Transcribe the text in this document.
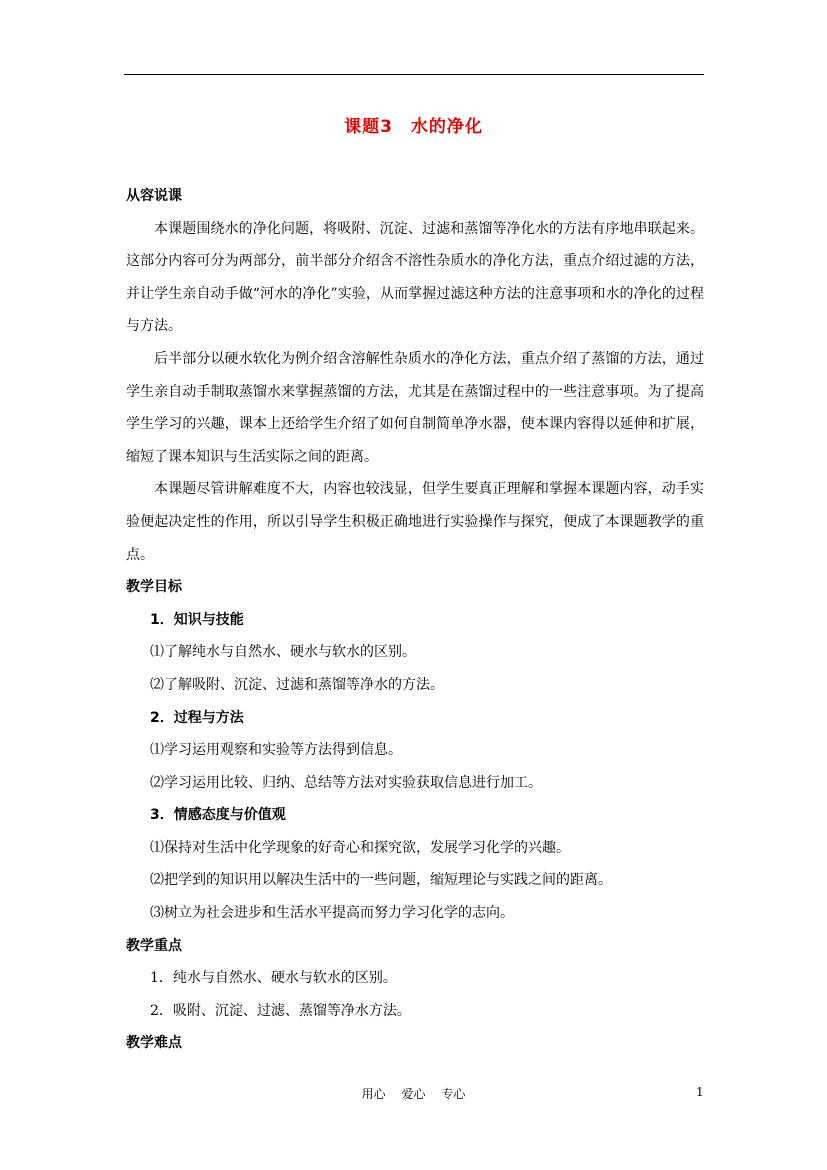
课题3　水的净化
从容说课
本课题围绕水的净化问题，将吸附、沉淀、过滤和蒸馏等净化水的方法有序地串联起来。这部分内容可分为两部分，前半部分介绍含不溶性杂质水的净化方法，重点介绍过滤的方法，并让学生亲自动手做“河水的净化”实验，从而掌握过滤这种方法的注意事项和水的净化的过程与方法。
后半部分以硬水软化为例介绍含溶解性杂质水的净化方法，重点介绍了蒸馏的方法，通过学生亲自动手制取蒸馏水来掌握蒸馏的方法，尤其是在蒸馏过程中的一些注意事项。为了提高学生学习的兴趣，课本上还给学生介绍了如何自制简单净水器，使本课内容得以延伸和扩展，缩短了课本知识与生活实际之间的距离。
本课题尽管讲解难度不大，内容也较浅显，但学生要真正理解和掌握本课题内容，动手实验便起决定性的作用，所以引导学生积极正确地进行实验操作与探究，便成了本课题教学的重点。
教学目标
1．知识与技能
⑴了解纯水与自然水、硬水与软水的区别。
⑵了解吸附、沉淀、过滤和蒸馏等净水的方法。
2．过程与方法
⑴学习运用观察和实验等方法得到信息。
⑵学习运用比较、归纳、总结等方法对实验获取信息进行加工。
3．情感态度与价值观
⑴保持对生活中化学现象的好奇心和探究欲，发展学习化学的兴趣。
⑵把学到的知识用以解决生活中的一些问题，缩短理论与实践之间的距离。
⑶树立为社会进步和生活水平提高而努力学习化学的志向。
教学重点
1．纯水与自然水、硬水与软水的区别。
2．吸附、沉淀、过滤、蒸馏等净水方法。
教学难点
用心 爱心 专心	1
